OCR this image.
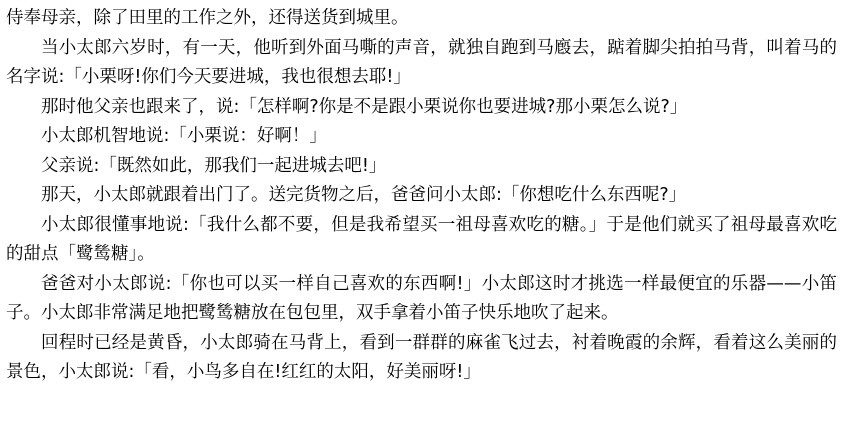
侍奉母亲，除了田里的工作之外，还得送货到城里。

当小太郎六岁时，有一天，他听到外面马嘶的声音，就独自跑到马廏去，踮着脚尖拍拍马背，叫着马的名字说:「小栗呀!你们今天要进城，我也很想去耶!」

那时他父亲也跟来了，说:「怎样啊?你是不是跟小栗说你也要进城?那小栗怎么说?」

小太郎机智地说:「小栗说：好啊！」

父亲说:「既然如此，那我们一起进城去吧!」

那天，小太郎就跟着出门了。送完货物之后，爸爸问小太郎:「你想吃什么东西呢?」

小太郎很懂事地说:「我什么都不要，但是我希望买一祖母喜欢吃的糖。」于是他们就买了祖母最喜欢吃的甜点「鹭鸶糖」。

爸爸对小太郎说:「你也可以买一样自己喜欢的东西啊!」小太郎这时才挑选一样最便宜的乐器——小笛子。小太郎非常满足地把鹭鸶糖放在包包里，双手拿着小笛子快乐地吹了起来。

回程时已经是黄昏，小太郎骑在马背上，看到一群群的麻雀飞过去，衬着晚霞的余辉，看着这么美丽的景色，小太郎说:「看，小鸟多自在!红红的太阳，好美丽呀!」
